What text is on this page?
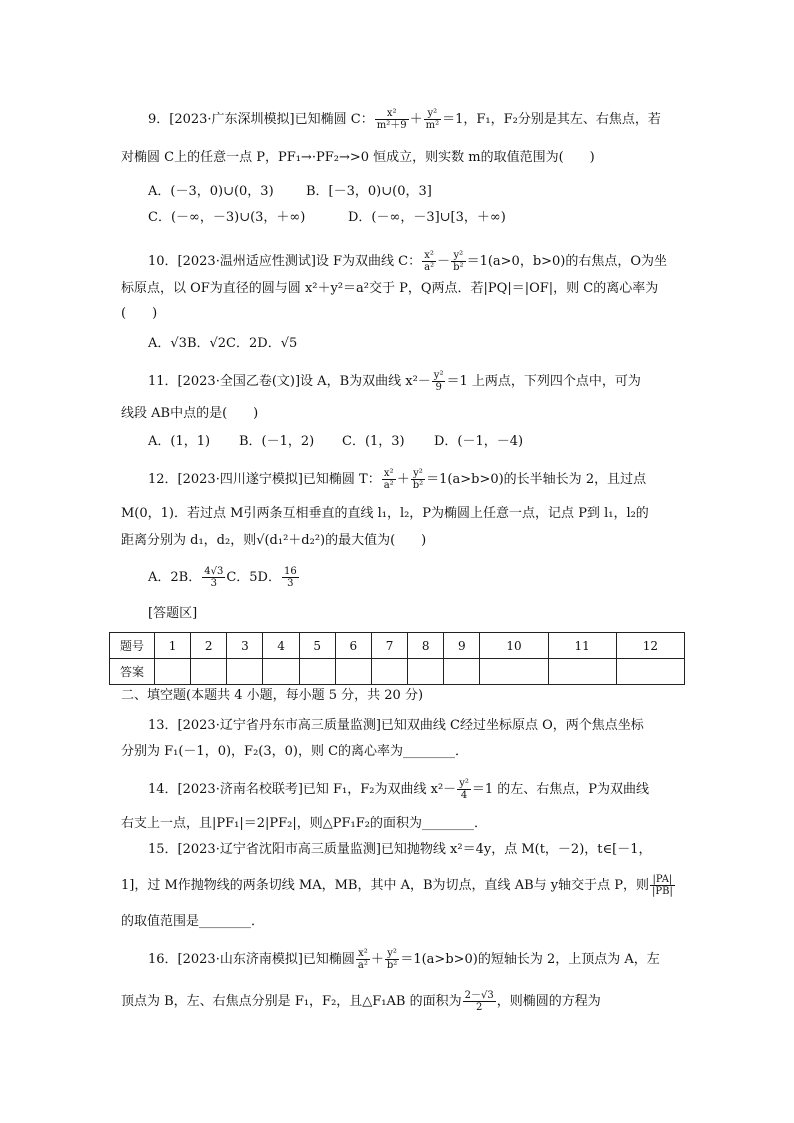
9．[2023·广东深圳模拟]已知椭圆 C： $\frac{\text{x²}}{\text{m²＋9}} + \frac{\text{y²}}{\text{m²}} =1$，F₁，F₂分别是其左、右焦点，若
对椭圆 C上的任意一点 P，PF₁→·PF₂→>0 恒成立，则实数 m的取值范围为(　　)
A．(－3，0)∪(0，3) B．[－3，0)∪(0，3]
C．(－∞，－3)∪(3，＋∞)	D．(－∞，－3]∪[3，＋∞)
10．[2023·温州适应性测试]设 F为双曲线 C： $\frac{\text{x²}}{\text{a²}} - \frac{\text{y²}}{\text{b²}} =1(a>0$，b>0)的右焦点，O为坐
标原点，以 OF为直径的圆与圆 x²＋y²＝a²交于 P，Q两点．若|PQ|＝|OF|，则 C的离心率为
(　　)
A．√3B．√2C．2D．√5
11．[2023·全国乙卷(文)]设 A，B为双曲线 $x^2- \frac{\text{y²}}{9} =1$ 上两点，下列四个点中，可为
线段 AB中点的是(　　)
A．(1，1) B．(－1，2) C．(1，3) D．(－1，－4)
12．[2023·四川遂宁模拟]已知椭圆 T： $\frac{\text{x²}}{\text{a²}} + \frac{\text{y²}}{\text{b²}} =1(a>b>0)$的长半轴长为 2，且过点
M(0，1)．若过点 M引两条互相垂直的直线 l₁，l₂，P为椭圆上任意一点，记点 P到 l₁，l₂的
距离分别为 d₁，d₂，则√(d₁²＋d₂²)的最大值为(　　)
A．2B． $\frac{4√3}{3}$ C．5D． $\frac{16}{3}$
[答题区]
题号	1	2	3	4	5	6	7	8	9	10	11	12
答案												
二、填空题(本题共 4 小题，每小题 5 分，共 20 分)
13．[2023·辽宁省丹东市高三质量监测]已知双曲线 C经过坐标原点 O，两个焦点坐标
分别为 F₁(－1，0)，F₂(3，0)，则 C的离心率为________．
14．[2023·济南名校联考]已知 F₁，F₂为双曲线 $x^2- \frac{\text{y²}}{4} =1$ 的左、右焦点，P为双曲线
右支上一点，且|PF₁|＝2|PF₂|，则△PF₁F₂的面积为________．
15．[2023·辽宁省沈阳市高三质量监测]已知抛物线 x²＝4y，点 M(t，－2)，t∈[－1，
1]，过 M作抛物线的两条切线 MA，MB，其中 A，B为切点，直线 AB与 y轴交于点 P，则 $\frac{|PA|}{|PB|}$
的取值范围是________．
16．[2023·山东济南模拟]已知椭圆 $\frac{\text{x²}}{\text{a²}} + \frac{\text{y²}}{\text{b²}} =1(a>b>0)$的短轴长为 2，上顶点为 A，左
顶点为 B，左、右焦点分别是 F₁，F₂，且△F₁AB 的面积为 $\frac{2-√3}{2}$ ，则椭圆的方程为
